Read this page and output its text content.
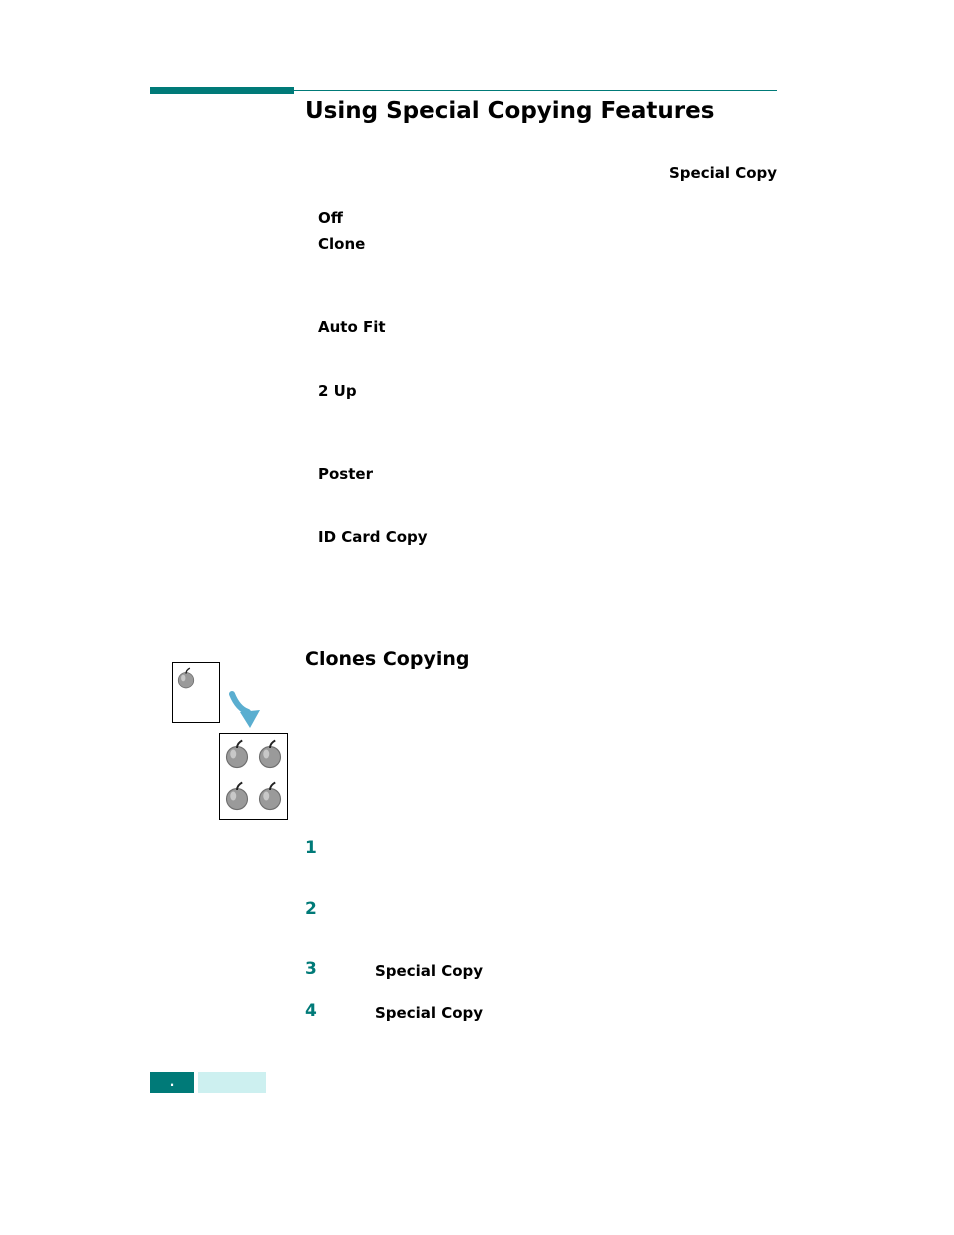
Using Special Copying Features
Special Copy
Off
Clone
Auto Fit
2 Up
Poster
ID Card Copy
Clones Copying
1
2
3	Special Copy
4	Special Copy
.
